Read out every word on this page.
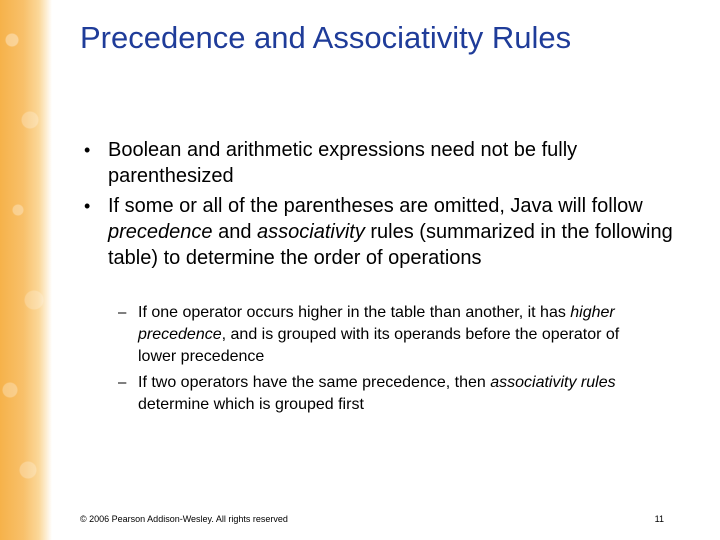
Precedence and Associativity Rules
• Boolean and arithmetic expressions need not be fully parenthesized
• If some or all of the parentheses are omitted, Java will follow precedence and associativity rules (summarized in the following table) to determine the order of operations
– If one operator occurs higher in the table than another, it has higher precedence, and is grouped with its operands before the operator of lower precedence
– If two operators have the same precedence, then associativity rules determine which is grouped first
© 2006 Pearson Addison-Wesley. All rights reserved	11
